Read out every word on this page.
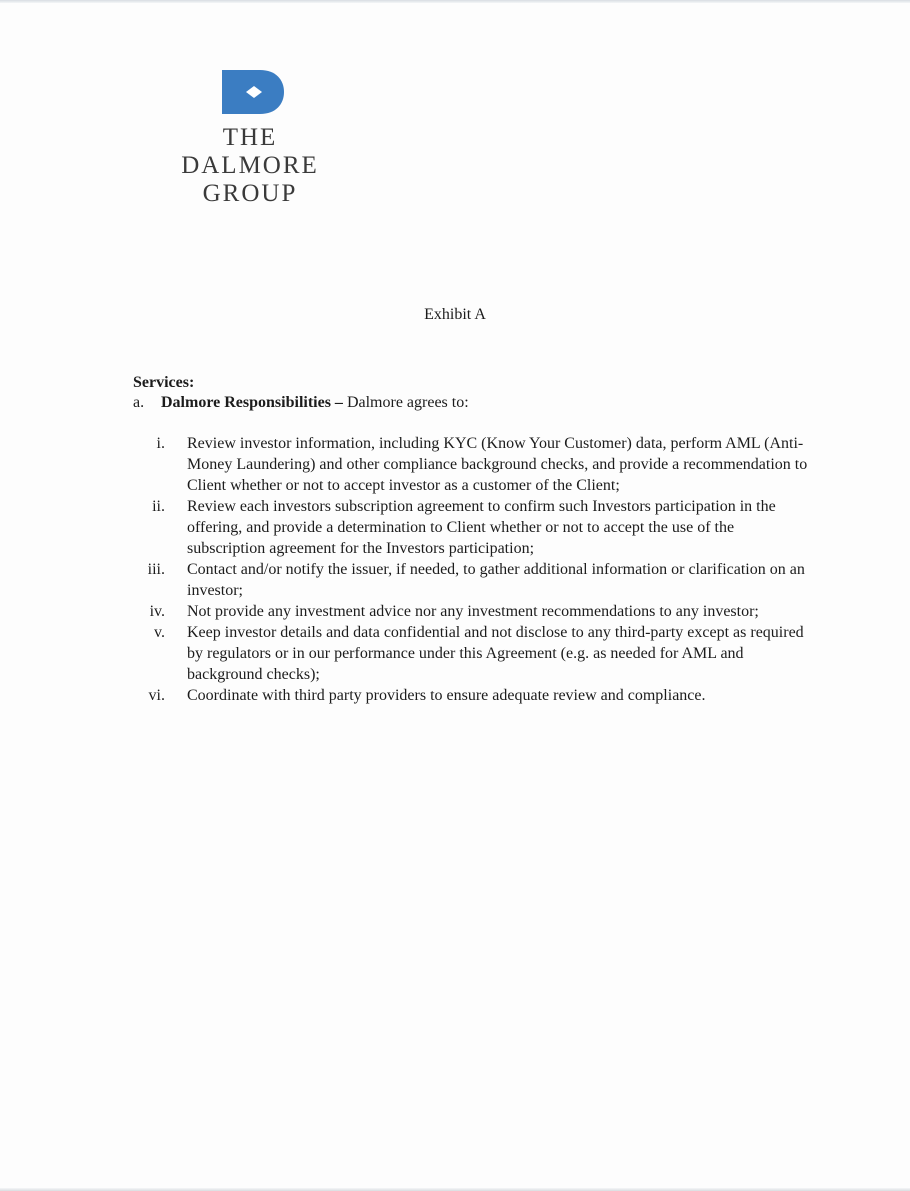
THE
DALMORE
GROUP
Exhibit A
Services:
a. Dalmore Responsibilities – Dalmore agrees to:
i.	Review investor information, including KYC (Know Your Customer) data, perform AML (Anti-Money Laundering) and other compliance background checks, and provide a recommendation to Client whether or not to accept investor as a customer of the Client;
ii.	Review each investors subscription agreement to confirm such Investors participation in the offering, and provide a determination to Client whether or not to accept the use of the subscription agreement for the Investors participation;
iii.	Contact and/or notify the issuer, if needed, to gather additional information or clarification on an investor;
iv.	Not provide any investment advice nor any investment recommendations to any investor;
v.	Keep investor details and data confidential and not disclose to any third-party except as required by regulators or in our performance under this Agreement (e.g. as needed for AML and background checks);
vi.	Coordinate with third party providers to ensure adequate review and compliance.
